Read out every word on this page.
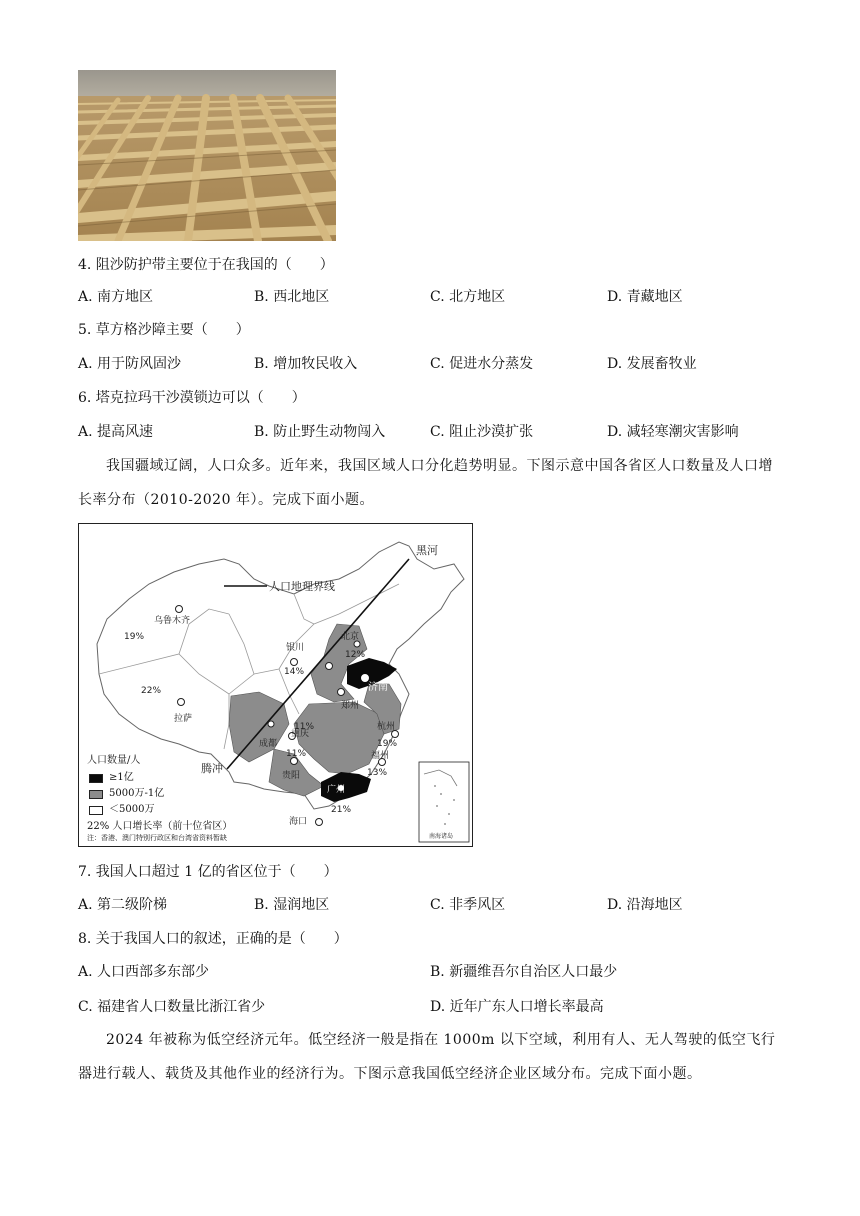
4. 阻沙防护带主要位于在我国的（　　）
A. 南方地区	B. 西北地区	C. 北方地区	D. 青藏地区
5. 草方格沙障主要（　　）
A. 用于防风固沙	B. 增加牧民收入	C. 促进水分蒸发	D. 发展畜牧业
6. 塔克拉玛干沙漠锁边可以（　　）
A. 提高风速	B. 防止野生动物闯入	C. 阻止沙漠扩张	D. 减轻寒潮灾害影响
我国疆域辽阔，人口众多。近年来，我国区域人口分化趋势明显。下图示意中国各省区人口数量及人口增长率分布（2010-2020 年）。完成下面小题。
黑河
腾冲
乌鲁木齐
拉萨
银川
北京
济南
郑州
成都
重庆
贵阳
杭州
福州
广州
海口
人口地理界线
19%
22%
14%
12%
11%
11%
19%
13%
21%
南海诸岛
人口数量/人
≥1亿
5000万-1亿
＜5000万
22% 人口增长率（前十位省区）
注：香港、澳门特别行政区和台湾省资料暂缺
7. 我国人口超过 1 亿的省区位于（　　）
A. 第二级阶梯	B. 湿润地区	C. 非季风区	D. 沿海地区
8. 关于我国人口的叙述，正确的是（　　）
A. 人口西部多东部少	B. 新疆维吾尔自治区人口最少
C. 福建省人口数量比浙江省少	D. 近年广东人口增长率最高
2024 年被称为低空经济元年。低空经济一般是指在 1000m 以下空域，利用有人、无人驾驶的低空飞行器进行载人、载货及其他作业的经济行为。下图示意我国低空经济企业区域分布。完成下面小题。
